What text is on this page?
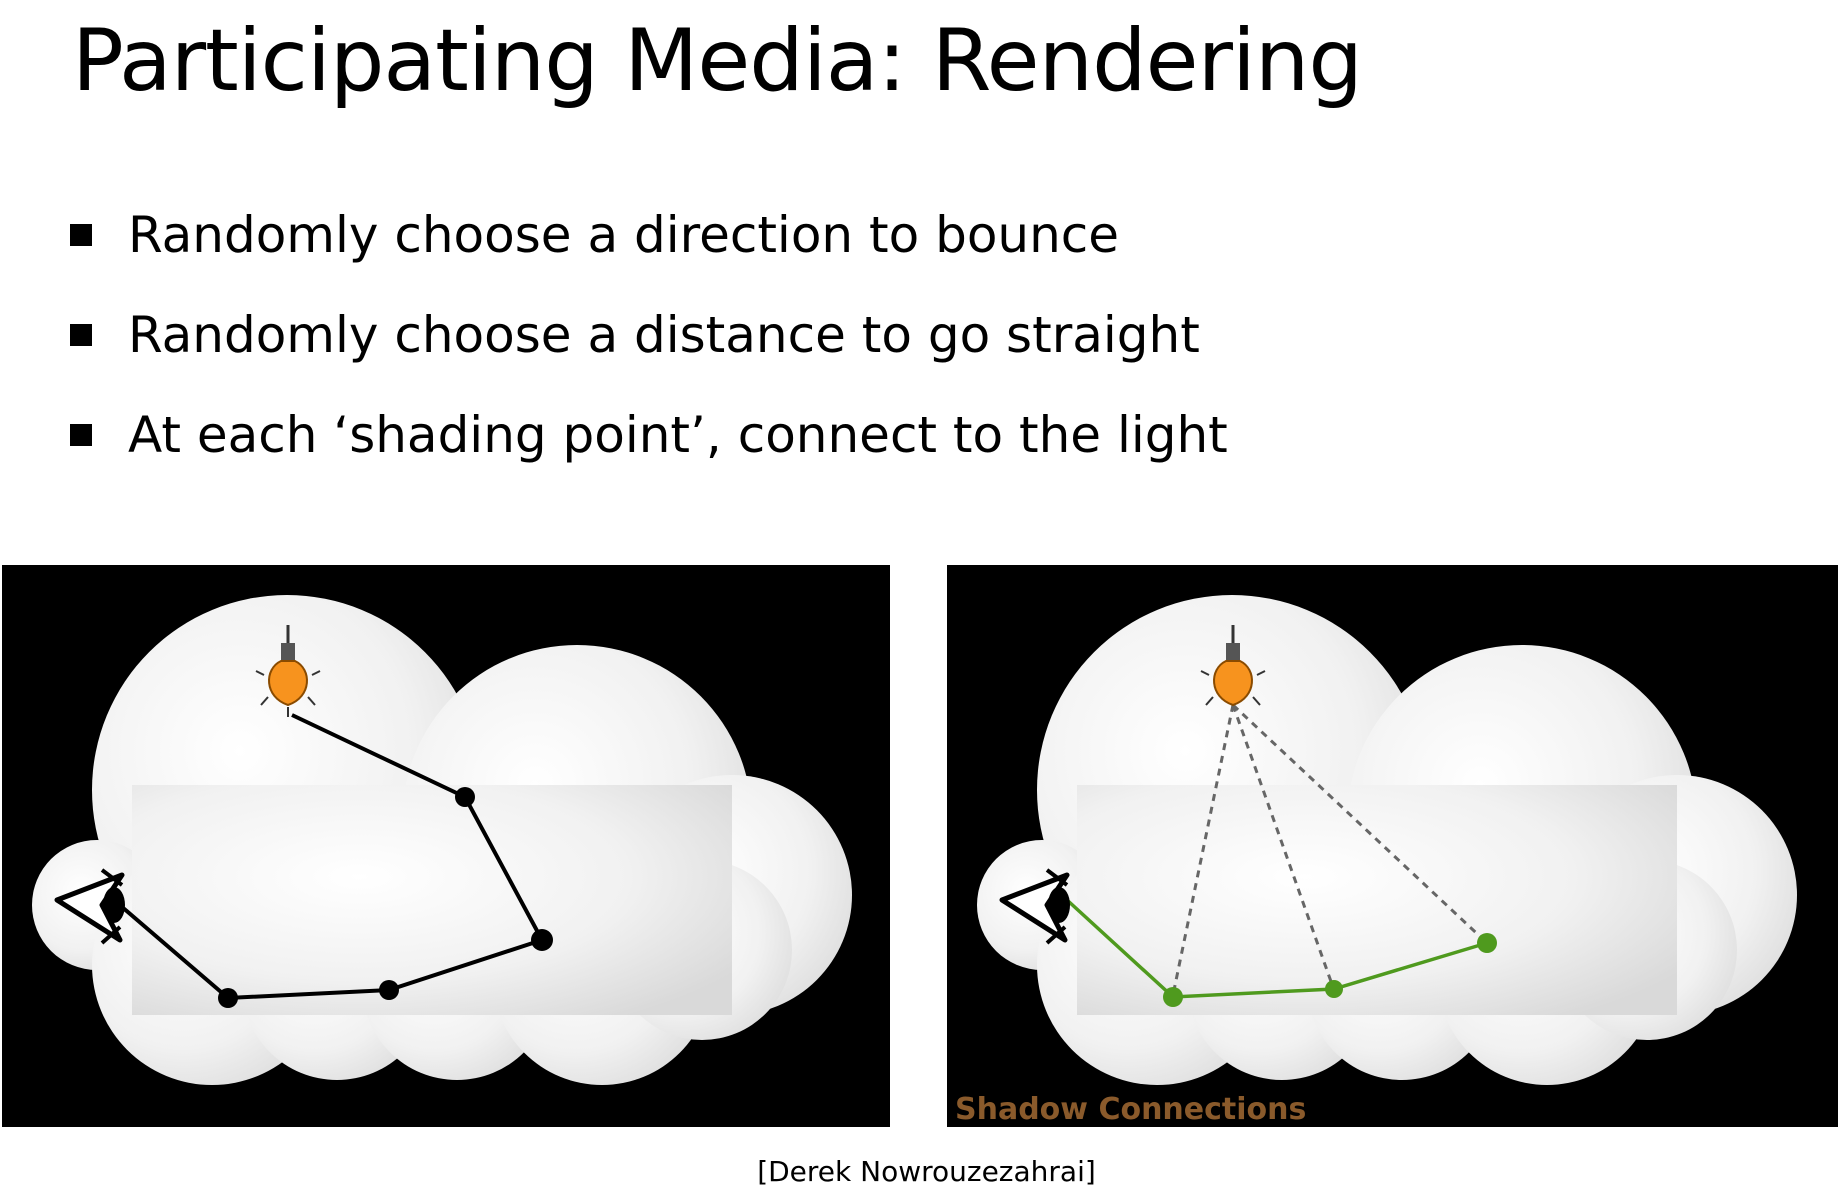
Participating Media: Rendering
Randomly choose a direction to bounce
Randomly choose a distance to go straight
At each ‘shading point’, connect to the light
Shadow Connections
[Derek Nowrouzezahrai]
